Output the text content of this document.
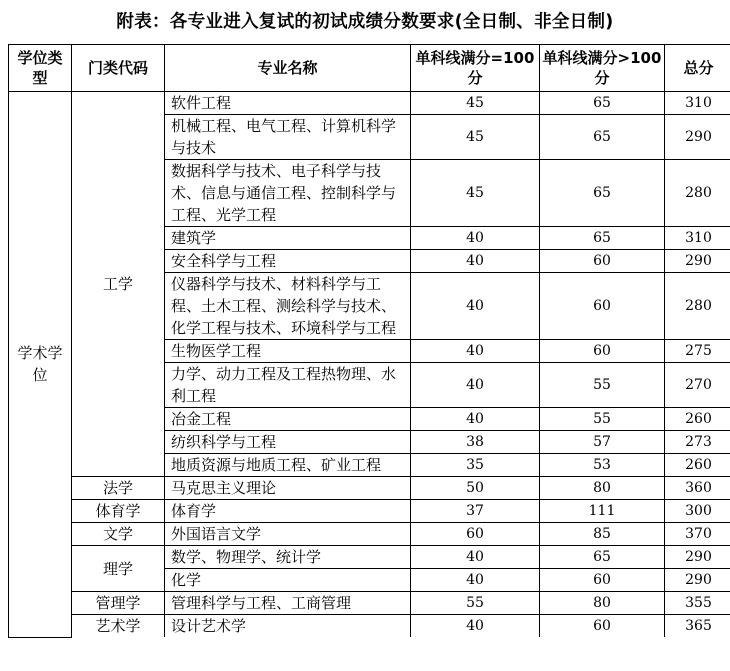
附表：各专业进入复试的初试成绩分数要求(全日制、非全日制)
学位类型	门类代码	专业名称	单科线满分=100分	单科线满分>100分	总分
学术学位	工学	软件工程	45	65	310
		机械工程、电气工程、计算机科学与技术	45	65	290
		数据科学与技术、电子科学与技术、信息与通信工程、控制科学与工程、光学工程	45	65	280
		建筑学	40	65	310
		安全科学与工程	40	60	290
		仪器科学与技术、材料科学与工程、土木工程、测绘科学与技术、化学工程与技术、环境科学与工程	40	60	280
		生物医学工程	40	60	275
		力学、动力工程及工程热物理、水利工程	40	55	270
		冶金工程	40	55	260
		纺织科学与工程	38	57	273
		地质资源与地质工程、矿业工程	35	53	260
	法学	马克思主义理论	50	80	360
	体育学	体育学	37	111	300
	文学	外国语言文学	60	85	370
	理学	数学、物理学、统计学	40	65	290
		化学	40	60	290
	管理学	管理科学与工程、工商管理	55	80	355
	艺术学	设计艺术学	40	60	365
